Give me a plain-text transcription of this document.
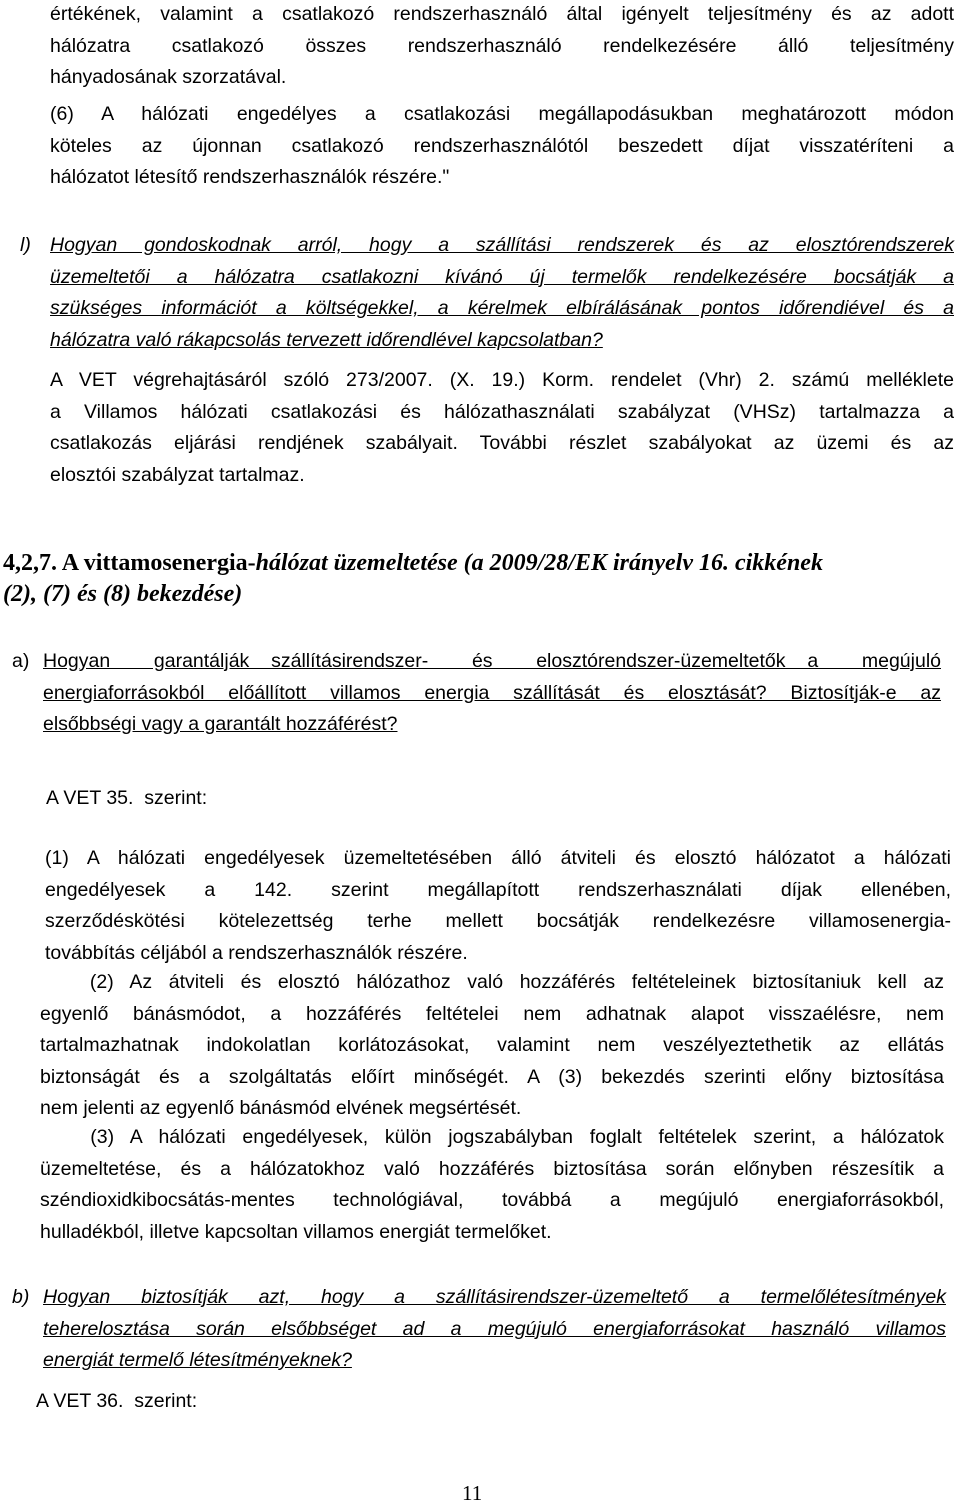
értékének, valamint a csatlakozó rendszerhasználó által igényelt teljesítmény és az adott
hálózatra csatlakozó összes rendszerhasználó rendelkezésére álló teljesítmény
hányadosának szorzatával.
(6) A hálózati engedélyes a csatlakozási megállapodásukban meghatározott módon
köteles az újonnan csatlakozó rendszerhasználótól beszedett díjat visszatéríteni a
hálózatot létesítő rendszerhasználók részére."
l) Hogyan gondoskodnak arról, hogy a szállítási rendszerek és az elosztórendszerek
üzemeltetői a hálózatra csatlakozni kívánó új termelők rendelkezésére bocsátják a
szükséges információt a költségekkel, a kérelmek elbírálásának pontos időrendiével és a
hálózatra való rákapcsolás tervezett időrendlével kapcsolatban?
A VET végrehajtásáról szóló 273/2007. (X. 19.) Korm. rendelet (Vhr) 2. számú melléklete
a Villamos hálózati csatlakozási és hálózathasználati szabályzat (VHSz) tartalmazza a
csatlakozás eljárási rendjének szabályait. További részlet szabályokat az üzemi és az
elosztói szabályzat tartalmaz.
4,2,7. A vittamosenergia-hálózat üzemeltetése (a 2009/28/EK irányelv 16. cikkének
(2), (7) és (8) bekezdése)
a) Hogyan  garantálják szállításirendszer-  és  elosztórendszer-üzemeltetők a  megújuló
energiaforrásokból előállított villamos energia szállítását és elosztását? Biztosítják-e az
elsőbbségi vagy a garantált hozzáférést?
A VET 35.  szerint:
(1) A hálózati engedélyesek üzemeltetésében álló átviteli és elosztó hálózatot a hálózati
engedélyesek a 142. szerint megállapított rendszerhasználati díjak ellenében,
szerződéskötési kötelezettség terhe mellett bocsátják rendelkezésre villamosenergia-
továbbítás céljából a rendszerhasználók részére.
(2) Az átviteli és elosztó hálózathoz való hozzáférés feltételeinek biztosítaniuk kell az
egyenlő bánásmódot, a hozzáférés feltételei nem adhatnak alapot visszaélésre, nem
tartalmazhatnak indokolatlan korlátozásokat, valamint nem veszélyeztethetik az ellátás
biztonságát és a szolgáltatás előírt minőségét. A (3) bekezdés szerinti előny biztosítása
nem jelenti az egyenlő bánásmód elvének megsértését.
(3) A hálózati engedélyesek, külön jogszabályban foglalt feltételek szerint, a hálózatok
üzemeltetése, és a hálózatokhoz való hozzáférés biztosítása során előnyben részesítik a
széndioxidkibocsátás-mentes technológiával, továbbá a megújuló energiaforrásokból,
hulladékból, illetve kapcsoltan villamos energiát termelőket.
b) Hogyan biztosítják azt, hogy a szállításirendszer-üzemeltető a termelőlétesítmények
teherelosztása során elsőbbséget ad a megújuló energiaforrásokat használó villamos
energiát termelő létesítményeknek?
A VET 36.  szerint:
11
